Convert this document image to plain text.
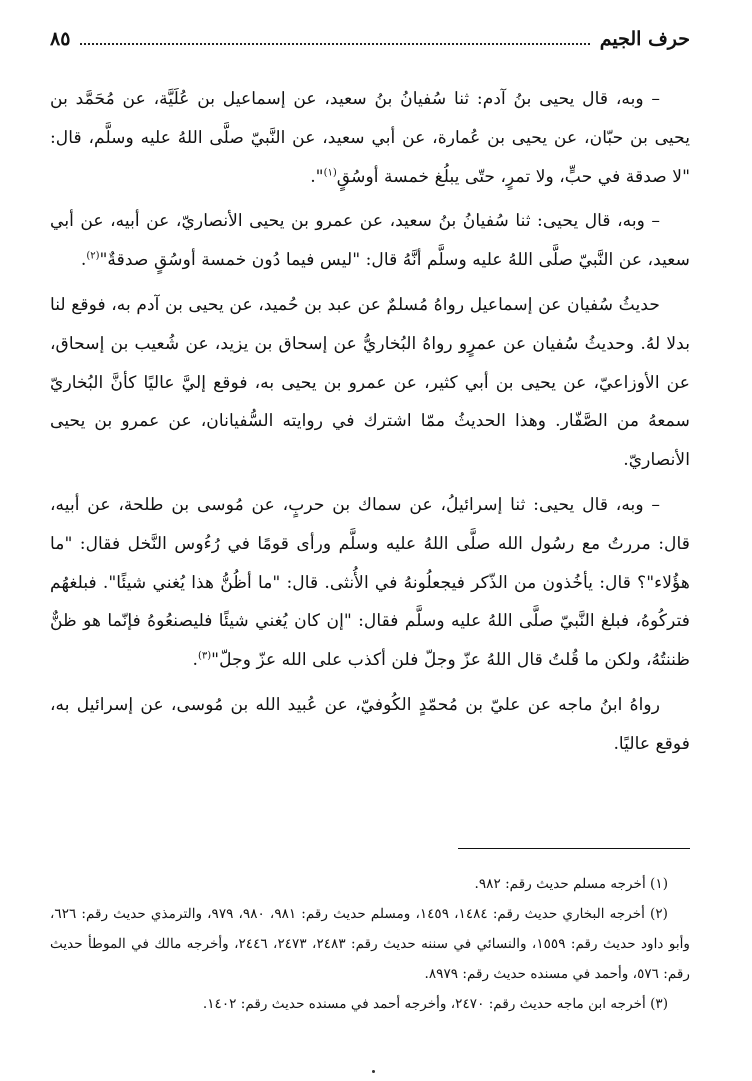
حرف الجيم
٨٥

– وبه، قال يحيى بنُ آدم: ثنا سُفيانُ بنُ سعيد، عن إسماعيل بن عُلَيَّة، عن مُحَمَّد بن يحيى بن حبّان، عن يحيى بن عُمارة، عن أبي سعيد، عن النَّبيّ صلَّى اللهُ عليه وسلَّم، قال: "لا صدقة في حبٍّ، ولا تمرٍ، حتّى يبلُغ خمسة أوسُقٍ$^{(١)}$".

– وبه، قال يحيى: ثنا سُفيانُ بنُ سعيد، عن عمرو بن يحيى الأنصاريّ، عن أبيه، عن أبي سعيد، عن النَّبيّ صلَّى اللهُ عليه وسلَّم أنَّهُ قال: "ليس فيما دُون خمسة أوسُقٍ صدقةٌ"$^{(٢)}$.

حديثُ سُفيان عن إسماعيل رواهُ مُسلمٌ عن عبد بن حُميد، عن يحيى بن آدم به، فوقع لنا بدلا لهُ. وحديثُ سُفيان عن عمرٍو رواهُ البُخاريُّ عن إسحاق بن يزيد، عن شُعيب بن إسحاق، عن الأوزاعيّ، عن يحيى بن أبي كثير، عن عمرو بن يحيى به، فوقع إليَّ عاليًا كأنَّ البُخاريّ سمعهُ من الصَّفّار. وهذا الحديثُ ممّا اشترك في روايته السُّفيانان، عن عمرو بن يحيى الأنصاريّ.

– وبه، قال يحيى: ثنا إسرائيلُ، عن سماك بن حربٍ، عن مُوسى بن طلحة، عن أبيه، قال: مررتُ مع رسُول الله صلَّى اللهُ عليه وسلَّم ورأى قومًا في رُءُوس النَّخل فقال: "ما هؤُلاء"؟ قال: يأخُذون من الذّكر فيجعلُونهُ في الأُنثى. قال: "ما أظُنُّ هذا يُغني شيئًا". فبلغهُم فتركُوهُ، فبلغ النَّبيّ صلَّى اللهُ عليه وسلَّم فقال: "إن كان يُغني شيئًا فليصنعُوهُ فإنّما هو ظنٌّ ظننتُهُ، ولكن ما قُلتُ قال اللهُ عزّ وجلّ فلن أكذب على الله عزّ وجلّ"$^{(٣)}$.

رواهُ ابنُ ماجه عن عليّ بن مُحمّدٍ الكُوفيّ، عن عُبيد الله بن مُوسى، عن إسرائيل به، فوقع عاليًا.

(١) أخرجه مسلم حديث رقم: ٩٨٢.

(٢) أخرجه البخاري حديث رقم: ١٤٨٤، ١٤٥٩، ومسلم حديث رقم: ٩٨١، ٩٨٠، ٩٧٩، والترمذي حديث رقم: ٦٢٦، وأبو داود حديث رقم: ١٥٥٩، والنسائي في سننه حديث رقم: ٢٤٨٣، ٢٤٧٣، ٢٤٤٦، وأخرجه مالك في الموطأ حديث رقم: ٥٧٦، وأحمد في مسنده حديث رقم: ٨٩٧٩.

(٣) أخرجه ابن ماجه حديث رقم: ٢٤٧٠، وأخرجه أحمد في مسنده حديث رقم: ١٤٠٢.
